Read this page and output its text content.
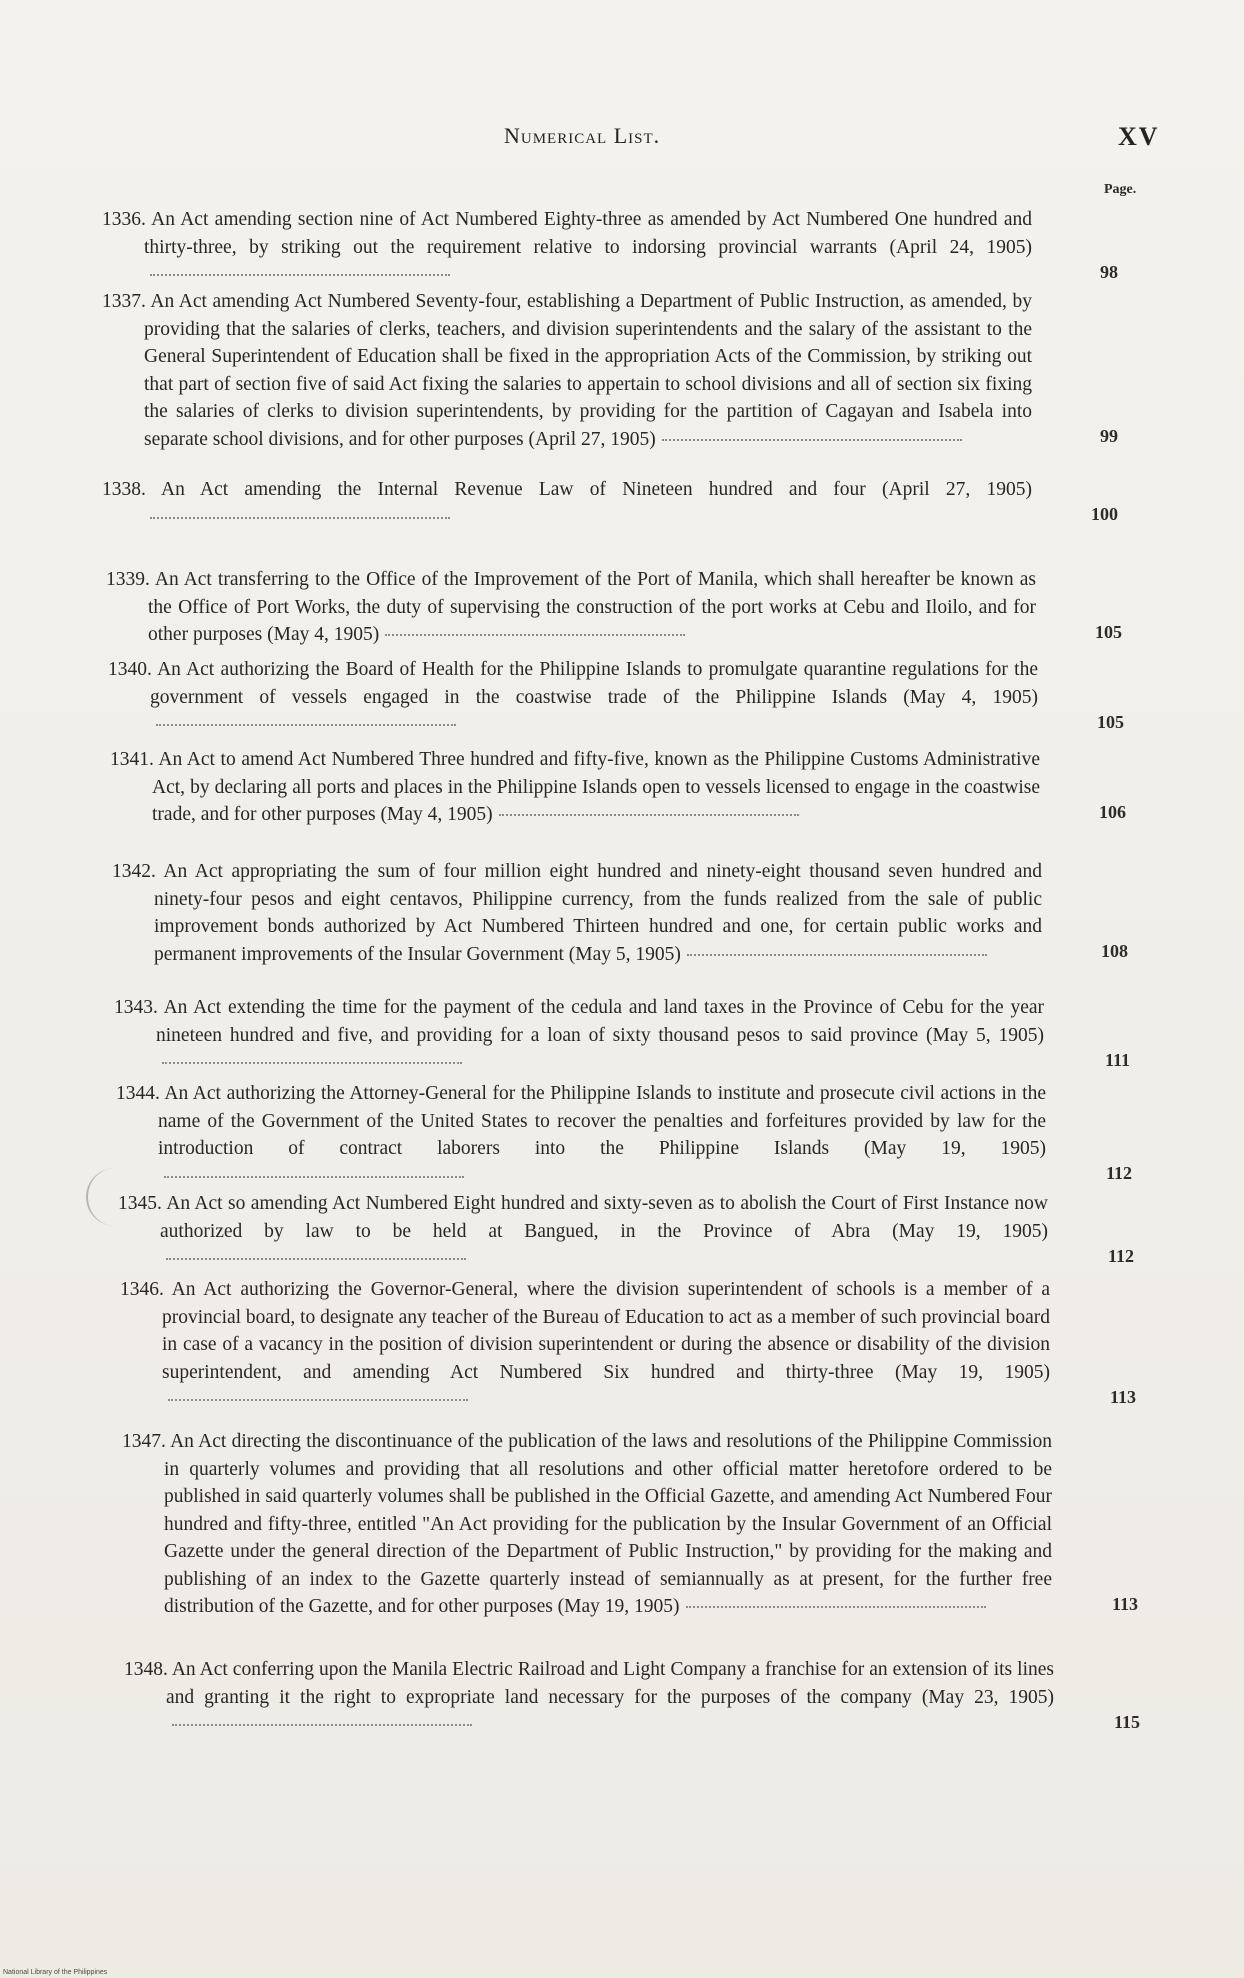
Numerical List.	XV
Page.
1336. An Act amending section nine of Act Numbered Eighty-three as amended by Act Numbered One hundred and thirty-three, by striking out the requirement relative to indorsing provincial warrants (April 24, 1905)
98
1337. An Act amending Act Numbered Seventy-four, establishing a Department of Public Instruction, as amended, by providing that the salaries of clerks, teachers, and division superintendents and the salary of the assistant to the General Superintendent of Education shall be fixed in the appropriation Acts of the Commission, by striking out that part of section five of said Act fixing the salaries to appertain to school divisions and all of section six fixing the salaries of clerks to division superintendents, by providing for the partition of Cagayan and Isabela into separate school divisions, and for other purposes (April 27, 1905)	99
1338. An Act amending the Internal Revenue Law of Nineteen hundred and four (April 27, 1905)
100
1339. An Act transferring to the Office of the Improvement of the Port of Manila, which shall hereafter be known as the Office of Port Works, the duty of supervising the construction of the port works at Cebu and Iloilo, and for other purposes (May 4, 1905)	105
1340. An Act authorizing the Board of Health for the Philippine Islands to promulgate quarantine regulations for the government of vessels engaged in the coastwise trade of the Philippine Islands (May 4, 1905)
105
1341. An Act to amend Act Numbered Three hundred and fifty-five, known as the Philippine Customs Administrative Act, by declaring all ports and places in the Philippine Islands open to vessels licensed to engage in the coastwise trade, and for other purposes (May 4, 1905)	106
1342. An Act appropriating the sum of four million eight hundred and ninety-eight thousand seven hundred and ninety-four pesos and eight centavos, Philippine currency, from the funds realized from the sale of public improvement bonds authorized by Act Numbered Thirteen hundred and one, for certain public works and permanent improvements of the Insular Government (May 5, 1905)	108
1343. An Act extending the time for the payment of the cedula and land taxes in the Province of Cebu for the year nineteen hundred and five, and providing for a loan of sixty thousand pesos to said province (May 5, 1905)
111
1344. An Act authorizing the Attorney-General for the Philippine Islands to institute and prosecute civil actions in the name of the Government of the United States to recover the penalties and forfeitures provided by law for the introduction of contract laborers into the Philippine Islands (May 19, 1905)
112
1345. An Act so amending Act Numbered Eight hundred and sixty-seven as to abolish the Court of First Instance now authorized by law to be held at Bangued, in the Province of Abra (May 19, 1905)
112
1346. An Act authorizing the Governor-General, where the division superintendent of schools is a member of a provincial board, to designate any teacher of the Bureau of Education to act as a member of such provincial board in case of a vacancy in the position of division superintendent or during the absence or disability of the division superintendent, and amending Act Numbered Six hundred and thirty-three (May 19, 1905)
113
1347. An Act directing the discontinuance of the publication of the laws and resolutions of the Philippine Commission in quarterly volumes and providing that all resolutions and other official matter heretofore ordered to be published in said quarterly volumes shall be published in the Official Gazette, and amending Act Numbered Four hundred and fifty-three, entitled "An Act providing for the publication by the Insular Government of an Official Gazette under the general direction of the Department of Public Instruction," by providing for the making and publishing of an index to the Gazette quarterly instead of semiannually as at present, for the further free distribution of the Gazette, and for other purposes (May 19, 1905)	113
1348. An Act conferring upon the Manila Electric Railroad and Light Company a franchise for an extension of its lines and granting it the right to expropriate land necessary for the purposes of the company (May 23, 1905)
115
National Library of the Philippines
